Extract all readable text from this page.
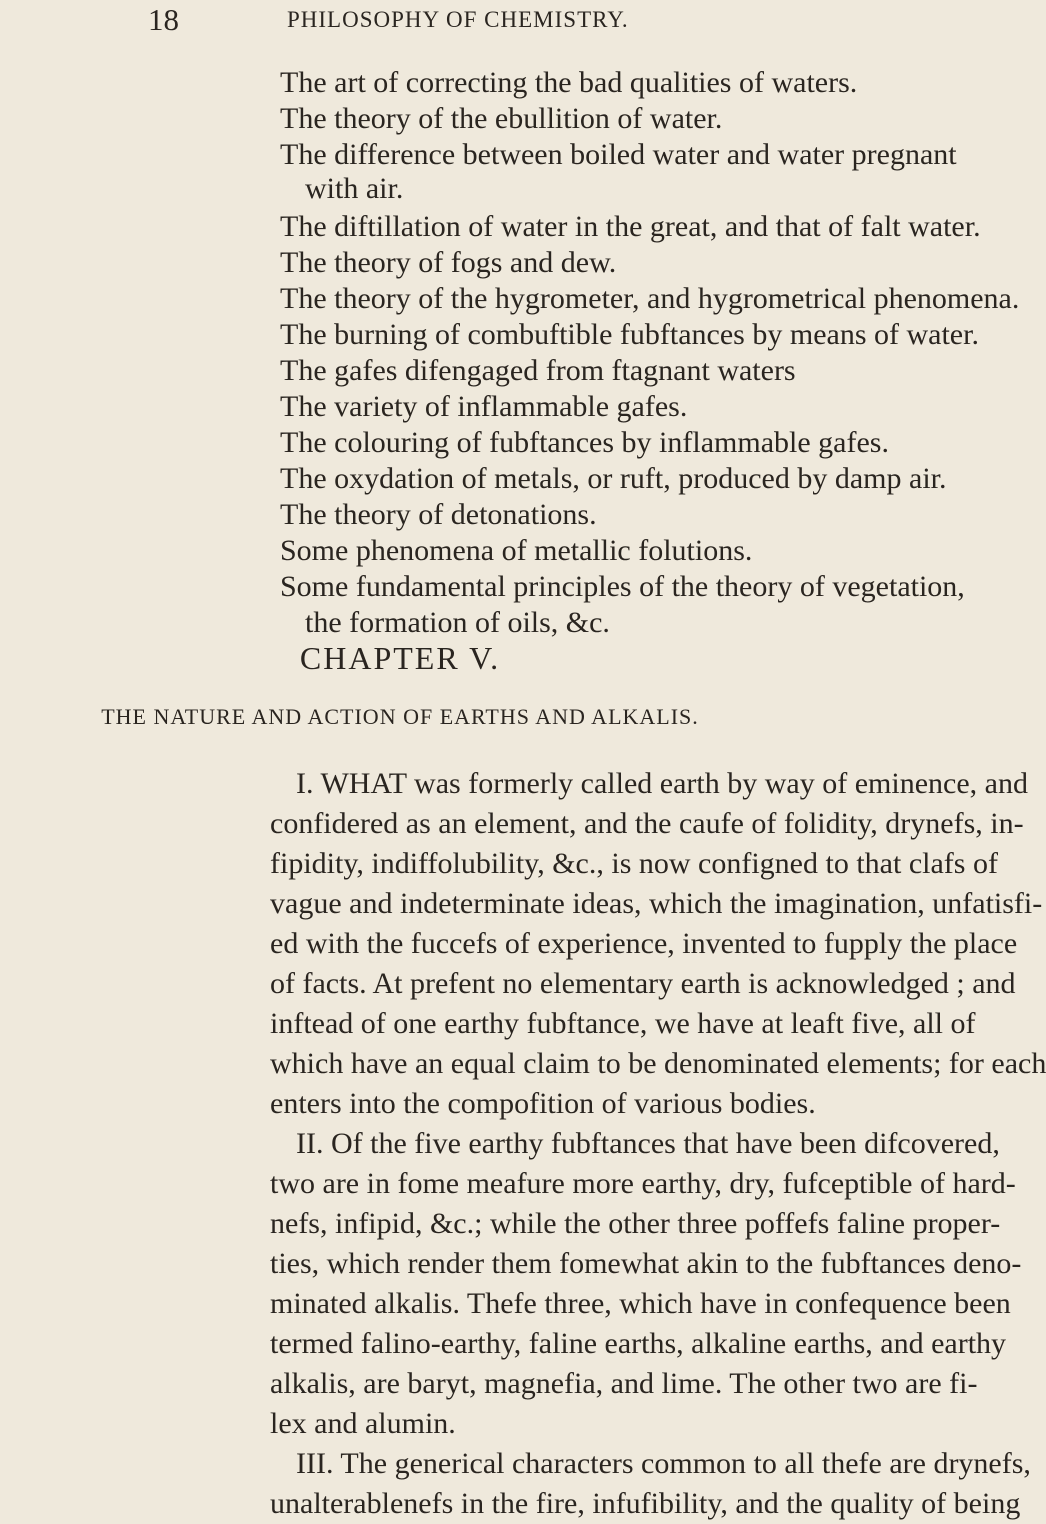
18	PHILOSOPHY OF CHEMISTRY.
The art of correcting the bad qualities of waters.
The theory of the ebullition of water.
The difference between boiled water and water pregnant
with air.
The diftillation of water in the great, and that of falt water.
The theory of fogs and dew.
The theory of the hygrometer, and hygrometrical phenomena.
The burning of combuftible fubftances by means of water.
The gafes difengaged from ftagnant waters
The variety of inflammable gafes.
The colouring of fubftances by inflammable gafes.
The oxydation of metals, or ruft, produced by damp air.
The theory of detonations.
Some phenomena of metallic folutions.
Some fundamental principles of the theory of vegetation,
the formation of oils, &c.
CHAPTER V.
THE NATURE AND ACTION OF EARTHS AND ALKALIS.
I. WHAT was formerly called earth by way of eminence, and
confidered as an element, and the caufe of folidity, drynefs, in-
fipidity, indiffolubility, &c., is now configned to that clafs of
vague and indeterminate ideas, which the imagination, unfatisfi-
ed with the fuccefs of experience, invented to fupply the place
of facts. At prefent no elementary earth is acknowledged ; and
inftead of one earthy fubftance, we have at leaft five, all of
which have an equal claim to be denominated elements; for each
enters into the compofition of various bodies.
II. Of the five earthy fubftances that have been difcovered,
two are in fome meafure more earthy, dry, fufceptible of hard-
nefs, infipid, &c.; while the other three poffefs faline proper-
ties, which render them fomewhat akin to the fubftances deno-
minated alkalis. Thefe three, which have in confequence been
termed falino-earthy, faline earths, alkaline earths, and earthy
alkalis, are baryt, magnefia, and lime. The other two are fi-
lex and alumin.
III. The generical characters common to all thefe are drynefs,
unalterablenefs in the fire, infufibility, and the quality of being
